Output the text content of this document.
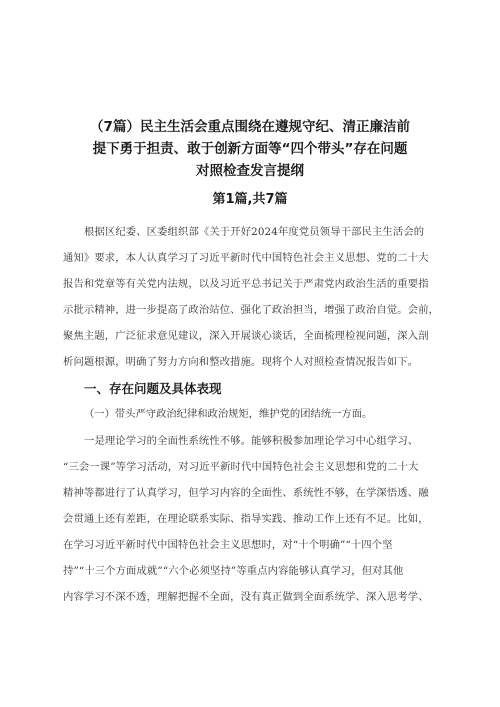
（7篇）民主生活会重点围绕在遵规守纪、清正廉洁前
提下勇于担责、敢于创新方面等“四个带头”存在问题
对照检查发言提纲
第1篇,共7篇
根据区纪委、区委组织部《关于开好2024年度党员领导干部民主生活会的
通知》要求，本人认真学习了习近平新时代中国特色社会主义思想、党的二十大
报告和党章等有关党内法规，以及习近平总书记关于严肃党内政治生活的重要指
示批示精神，进一步提高了政治站位、强化了政治担当，增强了政治自觉。会前，
聚焦主题，广泛征求意见建议，深入开展谈心谈话，全面梳理检视问题，深入剖
析问题根源，明确了努力方向和整改措施。现将个人对照检查情况报告如下。
一、存在问题及具体表现
（一）带头严守政治纪律和政治规矩，维护党的团结统一方面。
一是理论学习的全面性系统性不够。能够积极参加理论学习中心组学习、
“三会一课”等学习活动，对习近平新时代中国特色社会主义思想和党的二十大
精神等都进行了认真学习，但学习内容的全面性、系统性不够，在学深悟透、融
会贯通上还有差距，在理论联系实际、指导实践、推动工作上还有不足。比如，
在学习习近平新时代中国特色社会主义思想时，对“十个明确”“十四个坚
持”“十三个方面成就”“六个必须坚持”等重点内容能够认真学习，但对其他
内容学习不深不透，理解把握不全面，没有真正做到全面系统学、深入思考学、
